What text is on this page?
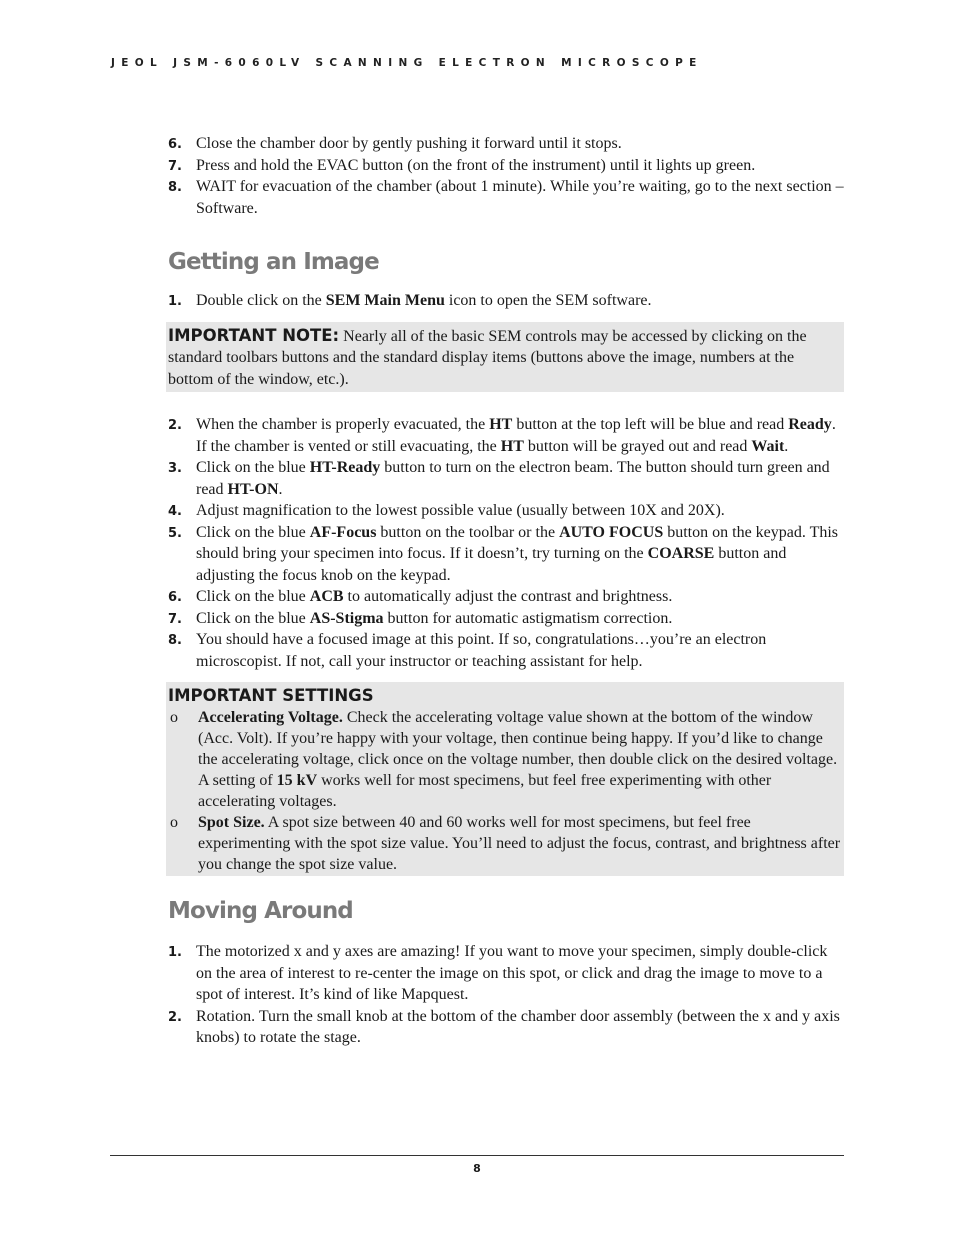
JEOL JSM-6060LV SCANNING ELECTRON MICROSCOPE
6. Close the chamber door by gently pushing it forward until it stops.
7. Press and hold the EVAC button (on the front of the instrument) until it lights up green.
8. WAIT for evacuation of the chamber (about 1 minute). While you’re waiting, go to the next section – Software.
Getting an Image
1. Double click on the SEM Main Menu icon to open the SEM software.
IMPORTANT NOTE: Nearly all of the basic SEM controls may be accessed by clicking on the standard toolbars buttons and the standard display items (buttons above the image, numbers at the bottom of the window, etc.).
2. When the chamber is properly evacuated, the HT button at the top left will be blue and read Ready. If the chamber is vented or still evacuating, the HT button will be grayed out and read Wait.
3. Click on the blue HT-Ready button to turn on the electron beam. The button should turn green and read HT-ON.
4. Adjust magnification to the lowest possible value (usually between 10X and 20X).
5. Click on the blue AF-Focus button on the toolbar or the AUTO FOCUS button on the keypad. This should bring your specimen into focus. If it doesn’t, try turning on the COARSE button and adjusting the focus knob on the keypad.
6. Click on the blue ACB to automatically adjust the contrast and brightness.
7. Click on the blue AS-Stigma button for automatic astigmatism correction.
8. You should have a focused image at this point. If so, congratulations…you’re an electron microscopist. If not, call your instructor or teaching assistant for help.
IMPORTANT SETTINGS
o Accelerating Voltage. Check the accelerating voltage value shown at the bottom of the window (Acc. Volt). If you’re happy with your voltage, then continue being happy. If you’d like to change the accelerating voltage, click once on the voltage number, then double click on the desired voltage. A setting of 15 kV works well for most specimens, but feel free experimenting with other accelerating voltages.
o Spot Size. A spot size between 40 and 60 works well for most specimens, but feel free experimenting with the spot size value. You’ll need to adjust the focus, contrast, and brightness after you change the spot size value.
Moving Around
1. The motorized x and y axes are amazing! If you want to move your specimen, simply double-click on the area of interest to re-center the image on this spot, or click and drag the image to move to a spot of interest. It’s kind of like Mapquest.
2. Rotation. Turn the small knob at the bottom of the chamber door assembly (between the x and y axis knobs) to rotate the stage.
8
